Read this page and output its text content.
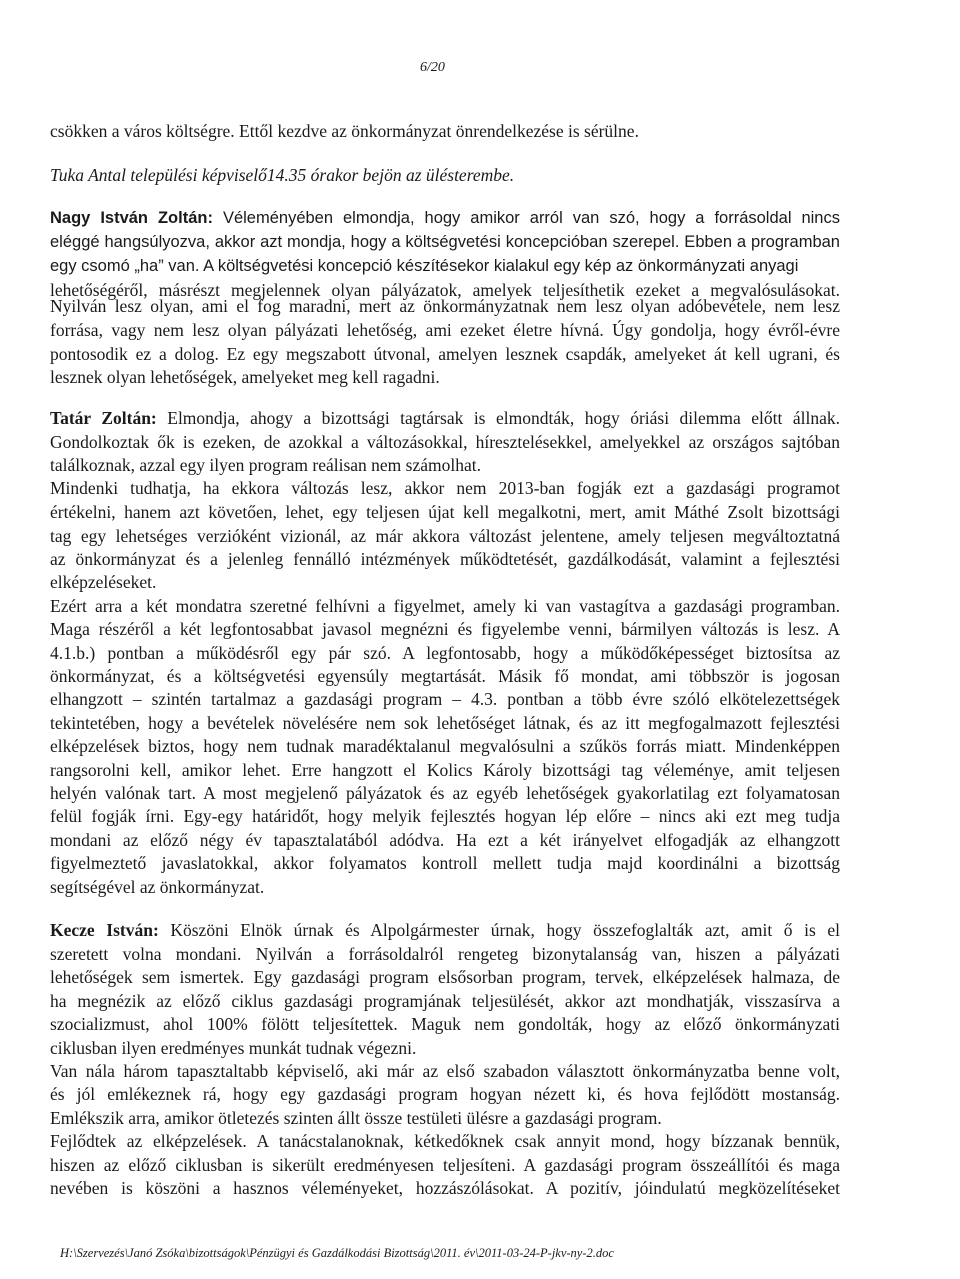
6/20
csökken a város költségre. Ettől kezdve az önkormányzat önrendelkezése is sérülne.
Tuka Antal települési képviselő14.35 órakor bejön az ülésterembe.
Nagy István Zoltán: Véleményében elmondja, hogy amikor arról van szó, hogy a forrásoldal nincs
eléggé hangsúlyozva, akkor azt mondja, hogy a költségvetési koncepcióban szerepel. Ebben a programban
egy csomó „ha” van. A költségvetési koncepció készítésekor kialakul egy kép az önkormányzati anyagi
lehetőségéről, másrészt megjelennek olyan pályázatok, amelyek teljesíthetik ezeket a megvalósulásokat.
Nyilván lesz olyan, ami el fog maradni, mert az önkormányzatnak nem lesz olyan adóbevétele, nem lesz
forrása, vagy nem lesz olyan pályázati lehetőség, ami ezeket életre hívná. Úgy gondolja, hogy évről-évre
pontosodik ez a dolog. Ez egy megszabott útvonal, amelyen lesznek csapdák, amelyeket át kell ugrani, és
lesznek olyan lehetőségek, amelyeket meg kell ragadni.
Tatár Zoltán: Elmondja, ahogy a bizottsági tagtársak is elmondták, hogy óriási dilemma előtt állnak.
Gondolkoztak ők is ezeken, de azokkal a változásokkal, híresztelésekkel, amelyekkel az országos sajtóban
találkoznak, azzal egy ilyen program reálisan nem számolhat.
Mindenki tudhatja, ha ekkora változás lesz, akkor nem 2013-ban fogják ezt a gazdasági programot
értékelni, hanem azt követően, lehet, egy teljesen újat kell megalkotni, mert, amit Máthé Zsolt bizottsági
tag egy lehetséges verzióként vizionál, az már akkora változást jelentene, amely teljesen megváltoztatná
az önkormányzat és a jelenleg fennálló intézmények működtetését, gazdálkodását, valamint a fejlesztési
elképzeléseket.
Ezért arra a két mondatra szeretné felhívni a figyelmet, amely ki van vastagítva a gazdasági programban.
Maga részéről a két legfontosabbat javasol megnézni és figyelembe venni, bármilyen változás is lesz. A
4.1.b.) pontban a működésről egy pár szó. A legfontosabb, hogy a működőképességet biztosítsa az
önkormányzat, és a költségvetési egyensúly megtartását. Másik fő mondat, ami többször is jogosan
elhangzott – szintén tartalmaz a gazdasági program – 4.3. pontban a több évre szóló elkötelezettségek
tekintetében, hogy a bevételek növelésére nem sok lehetőséget látnak, és az itt megfogalmazott fejlesztési
elképzelések biztos, hogy nem tudnak maradéktalanul megvalósulni a szűkös forrás miatt. Mindenképpen
rangsorolni kell, amikor lehet. Erre hangzott el Kolics Károly bizottsági tag véleménye, amit teljesen
helyén valónak tart. A most megjelenő pályázatok és az egyéb lehetőségek gyakorlatilag ezt folyamatosan
felül fogják írni. Egy-egy határidőt, hogy melyik fejlesztés hogyan lép előre – nincs aki ezt meg tudja
mondani az előző négy év tapasztalatából adódva. Ha ezt a két irányelvet elfogadják az elhangzott
figyelmeztető javaslatokkal, akkor folyamatos kontroll mellett tudja majd koordinálni a bizottság
segítségével az önkormányzat.
Kecze István: Köszöni Elnök úrnak és Alpolgármester úrnak, hogy összefoglalták azt, amit ő is el
szeretett volna mondani. Nyilván a forrásoldalról rengeteg bizonytalanság van, hiszen a pályázati
lehetőségek sem ismertek. Egy gazdasági program elsősorban program, tervek, elképzelések halmaza, de
ha megnézik az előző ciklus gazdasági programjának teljesülését, akkor azt mondhatják, visszasírva a
szocializmust, ahol 100% fölött teljesítettek. Maguk nem gondolták, hogy az előző önkormányzati
ciklusban ilyen eredményes munkát tudnak végezni.
Van nála három tapasztaltabb képviselő, aki már az első szabadon választott önkormányzatba benne volt,
és jól emlékeznek rá, hogy egy gazdasági program hogyan nézett ki, és hova fejlődött mostanság.
Emlékszik arra, amikor ötletezés szinten állt össze testületi ülésre a gazdasági program.
Fejlődtek az elképzelések. A tanácstalanoknak, kétkedőknek csak annyit mond, hogy bízzanak bennük,
hiszen az előző ciklusban is sikerült eredményesen teljesíteni. A gazdasági program összeállítói és maga
nevében is köszöni a hasznos véleményeket, hozzászólásokat. A pozitív, jóindulatú megközelítéseket
H:\Szervezés\Janó Zsóka\bizottságok\Pénzügyi és Gazdálkodási Bizottság\2011. év\2011-03-24-P-jkv-ny-2.doc
